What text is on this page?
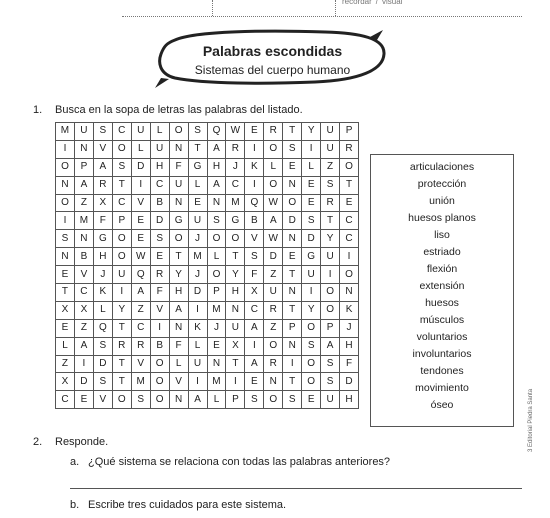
recordar / visual
Palabras escondidas
Sistemas del cuerpo humano
1. Busca en la sopa de letras las palabras del listado.
M	U	S	C	U	L	O	S	Q	W	E	R	T	Y	U	P
I	N	V	O	L	U	N	T	A	R	I	O	S	I	U	R
O	P	A	S	D	H	F	G	H	J	K	L	E	L	Z	O
N	A	R	T	I	C	U	L	A	C	I	O	N	E	S	T
O	Z	X	C	V	B	N	E	N	M	Q	W	O	E	R	E
I	M	F	P	E	D	G	U	S	G	B	A	D	S	T	C
S	N	G	O	E	S	O	J	O	O	V	W	N	D	Y	C
N	B	H	O	W	E	T	M	L	T	S	D	E	G	U	I
E	V	J	U	Q	R	Y	J	O	Y	F	Z	T	U	I	O
T	C	K	I	A	F	H	D	P	H	X	U	N	I	O	N
X	X	L	Y	Z	V	A	I	M	N	C	R	T	Y	O	K
E	Z	Q	T	C	I	N	K	J	U	A	Z	P	O	P	J
L	A	S	R	R	B	F	L	E	X	I	O	N	S	A	H
Z	I	D	T	V	O	L	U	N	T	A	R	I	O	S	F
X	D	S	T	M	O	V	I	M	I	E	N	T	O	S	D
C	E	V	O	S	O	N	A	L	P	S	O	S	E	U	H
articulaciones
protección
unión
huesos planos
liso
estriado
flexión
extensión
huesos
músculos
voluntarios
involuntarios
tendones
movimiento
óseo
2. Responde.
a. ¿Qué sistema se relaciona con todas las palabras anteriores?
b. Escribe tres cuidados para este sistema.
3 Editorial Piedra Santa
